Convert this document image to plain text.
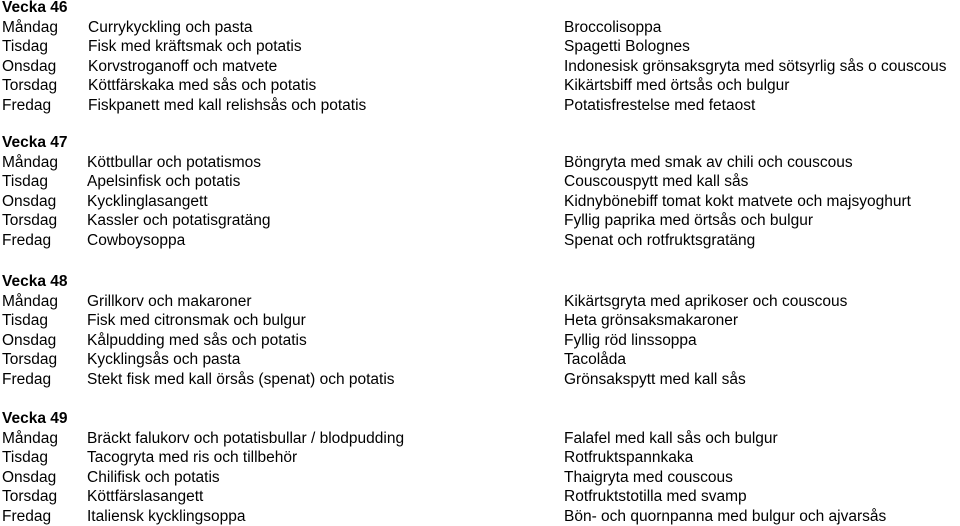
Vecka 46
Måndag Currykyckling och pasta	Broccolisoppa
Tisdag	Fisk med kräftsmak och potatis	Spagetti Bolognes
Onsdag Korvstroganoff och matvete	Indonesisk grönsaksgryta med sötsyrlig sås o couscous
Torsdag Köttfärskaka med sås och potatis	Kikärtsbiff med örtsås och bulgur
Fredag Fiskpanett med kall relishsås och potatis	Potatisfrestelse med fetaost
Vecka 47
Måndag Köttbullar och potatismos	Böngryta med smak av chili och couscous
Tisdag	Apelsinfisk och potatis	Couscouspytt med kall sås
Onsdag Kycklinglasangett	Kidnybönebiff tomat kokt matvete och majsyoghurt
Torsdag Kassler och potatisgratäng	Fyllig paprika med örtsås och bulgur
Fredag Cowboysoppa	Spenat och rotfruktsgratäng
Vecka 48
Måndag Grillkorv och makaroner	Kikärtsgryta med aprikoser och couscous
Tisdag	Fisk med citronsmak och bulgur	Heta grönsaksmakaroner
Onsdag Kålpudding med sås och potatis	Fyllig röd linssoppa
Torsdag Kycklingsås och pasta	Tacolåda
Fredag Stekt fisk med kall örsås (spenat) och potatis	Grönsakspytt med kall sås
Vecka 49
Måndag Bräckt falukorv och potatisbullar / blodpudding	Falafel med kall sås och bulgur
Tisdag	Tacogryta med ris och tillbehör	Rotfruktspannkaka
Onsdag Chilifisk och potatis	Thaigryta med couscous
Torsdag Köttfärslasangett	Rotfruktstotilla med svamp
Fredag Italiensk kycklingsoppa	Bön- och quornpanna med bulgur och ajvarsås
